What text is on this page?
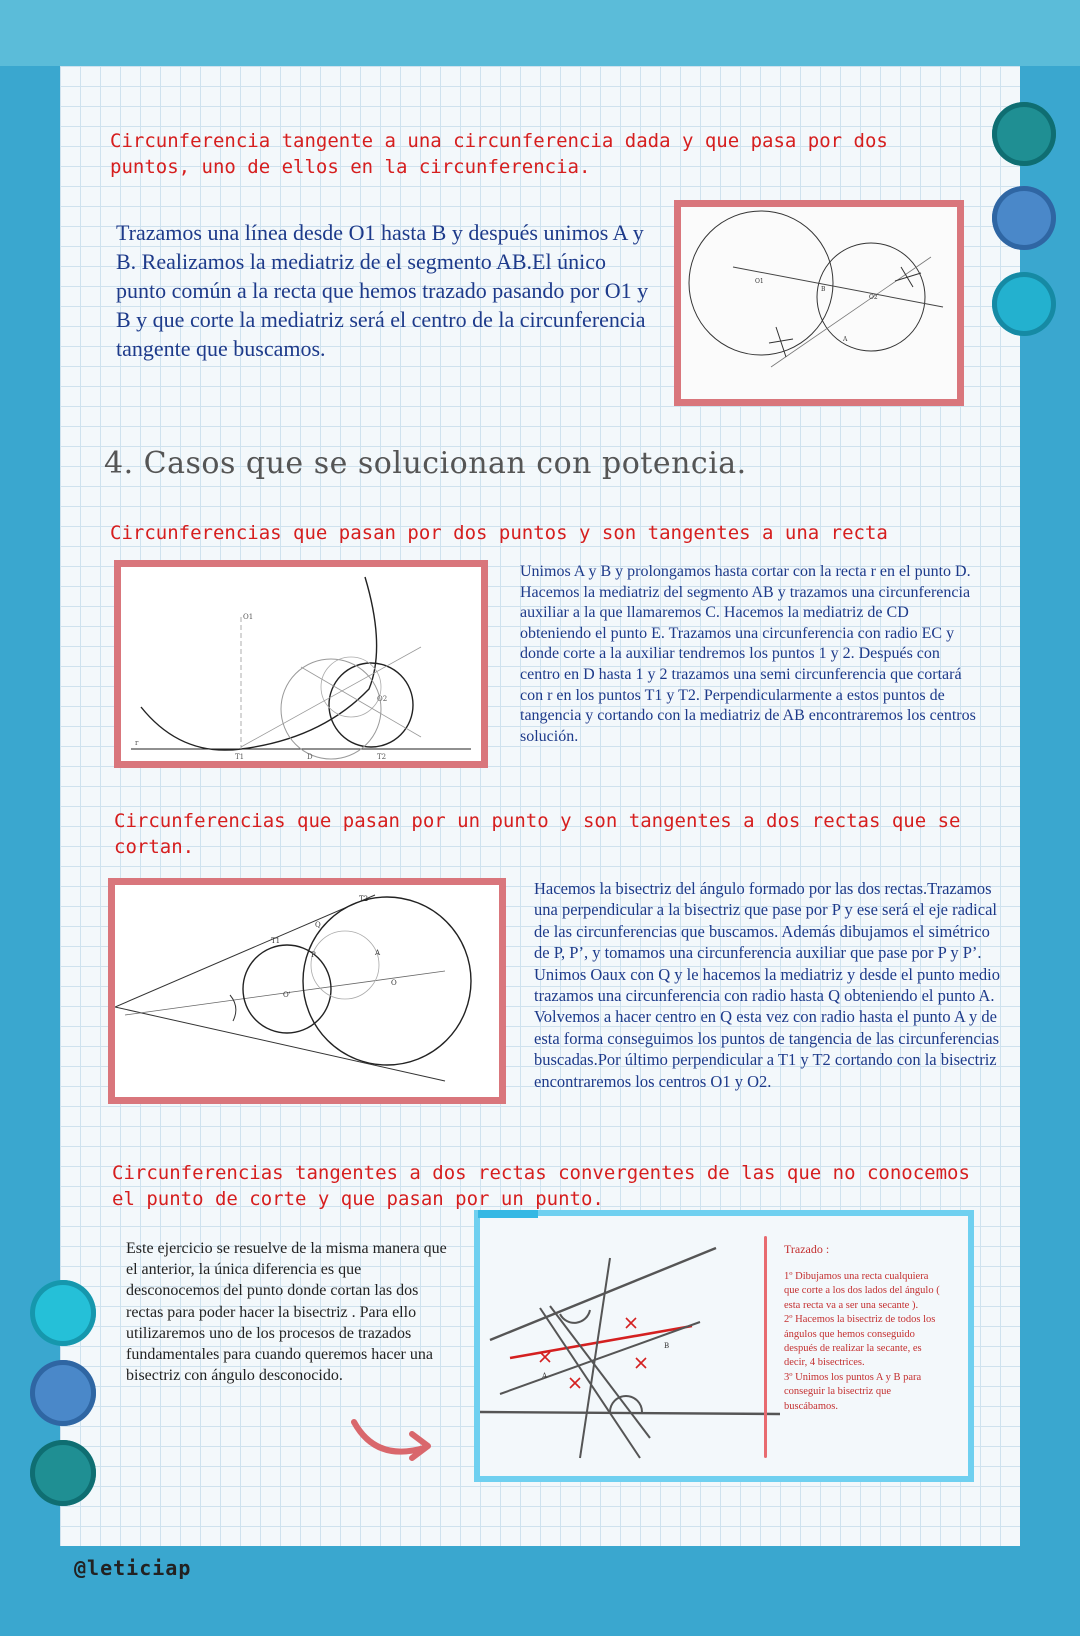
Circunferencia tangente a una circunferencia dada y que pasa por dos puntos, uno de ellos en la circunferencia.
Trazamos una línea desde O1 hasta B y después unimos A y B. Realizamos la mediatriz de el segmento AB.El único punto común a la recta que hemos trazado pasando por O1 y B y que corte la mediatriz será el centro de la circunferencia tangente que buscamos.
O1
B
O2
A
4. Casos que se solucionan con potencia.
Circunferencias que pasan por dos puntos y son tangentes a una recta
O1
O2
r
T1	D	T2
Unimos A y B y prolongamos hasta cortar con la recta r en el punto D. Hacemos la mediatriz del segmento AB y trazamos una circunferencia auxiliar a la que llamaremos C. Hacemos la mediatriz de CD obteniendo el punto E. Trazamos una circunferencia con radio EC y donde corte a la auxiliar tendremos los puntos 1 y 2. Después con centro en D hasta 1 y 2 trazamos una semi circunferencia que cortará con r en los puntos T1 y T2. Perpendicularmente a estos puntos de tangencia y cortando con la mediatriz de AB encontraremos los centros solución.
Circunferencias que pasan por un punto y son tangentes a dos rectas que se cortan.
T2
Q
T1
P	A
O'
O
Hacemos la bisectriz del ángulo formado por las dos rectas.Trazamos una perpendicular a la bisectriz que pase por P y ese será el eje radical de las circunferencias que buscamos. Además dibujamos el simétrico de P, P’, y tomamos una circunferencia auxiliar que pase por P y P’. Unimos Oaux con Q y le hacemos la mediatriz y desde el punto medio trazamos una circunferencia con radio hasta Q obteniendo el punto A. Volvemos a hacer centro en Q esta vez con radio hasta el punto A y de esta forma conseguimos los puntos de tangencia de las circunferencias buscadas.Por último perpendicular a T1 y T2 cortando con la bisectriz encontraremos los centros O1 y O2.
Circunferencias tangentes a dos rectas convergentes de las que no conocemos el punto de corte y que pasan por un punto.
Este ejercicio se resuelve de la misma manera que el anterior, la única diferencia es que desconocemos del punto donde cortan las dos rectas para poder hacer la bisectriz . Para ello utilizaremos uno de los procesos de trazados fundamentales para cuando queremos hacer una bisectriz con ángulo desconocido.	A
B
Trazado :
1º Dibujamos una recta cualquiera que corte a los dos lados del ángulo ( esta recta va a ser una secante ).
2º Hacemos la bisectriz de todos los ángulos que hemos conseguido después de realizar la secante, es decir, 4 bisectrices.
3º Unimos los puntos A y B para conseguir la bisectriz que buscábamos.
@leticiap
